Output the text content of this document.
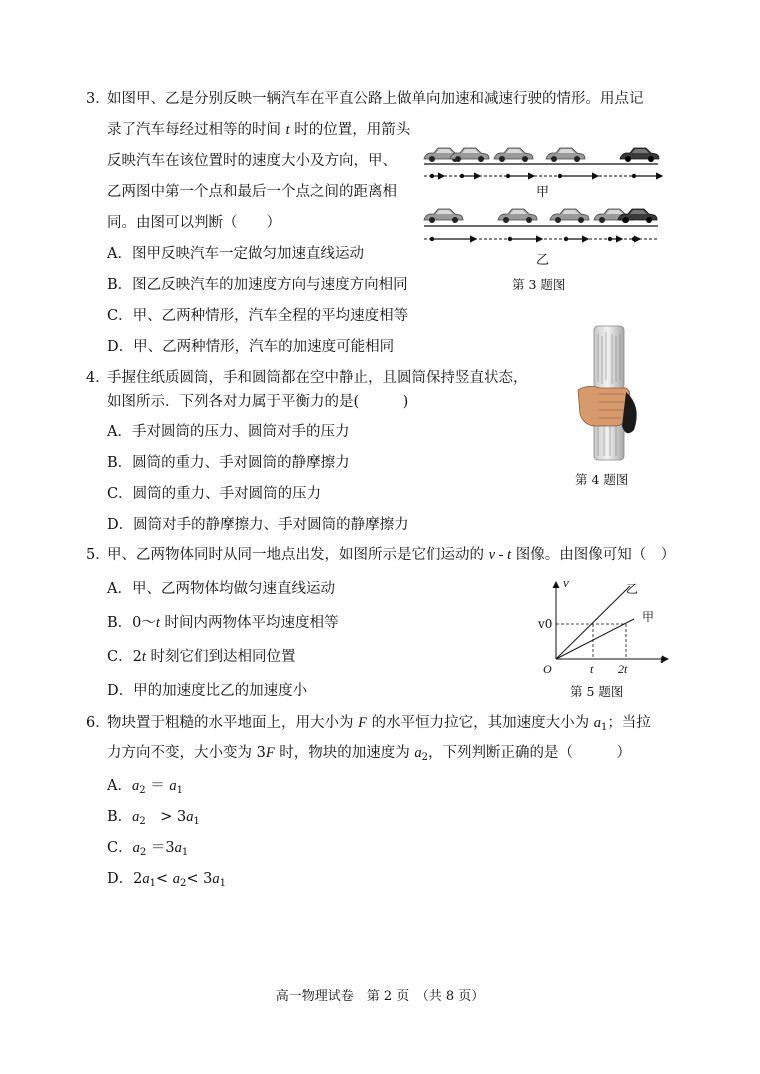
3．
如图甲、乙是分别反映一辆汽车在平直公路上做单向加速和减速行驶的情形。用点记
录了汽车每经过相等的时间 t 时的位置，用箭头
反映汽车在该位置时的速度大小及方向，甲、
乙两图中第一个点和最后一个点之间的距离相
同。由图可以判断（　　）
A．图甲反映汽车一定做匀加速直线运动
B．图乙反映汽车的加速度方向与速度方向相同
C．甲、乙两种情形，汽车全程的平均速度相等
D．甲、乙两种情形，汽车的加速度可能相同
甲
乙
第 3 题图
4．
手握住纸质圆筒，手和圆筒都在空中静止，且圆筒保持竖直状态，
如图所示．下列各对力属于平衡力的是(　　　)
A．手对圆筒的压力、圆筒对手的压力
B．圆筒的重力、手对圆筒的静摩擦力
C．圆筒的重力、手对圆筒的压力
D．圆筒对手的静摩擦力、手对圆筒的静摩擦力
第 4 题图
5．
甲、乙两物体同时从同一地点出发，如图所示是它们运动的 v - t 图像。由图像可知（　）
A．甲、乙两物体均做匀速直线运动
B．0～t 时间内两物体平均速度相等
C．2t 时刻它们到达相同位置
D．甲的加速度比乙的加速度小
v
t
v0
O	t 2t
乙
甲
第 5 题图
6．
物块置于粗糙的水平地面上，用大小为 F 的水平恒力拉它，其加速度大小为 $a_1$；当拉
力方向不变，大小变为 3F 时，物块的加速度为 $a_2$，下列判断正确的是（　　　）
A．$a_2 = a_1$
B．$a_2$　> $3a_1$
C．$a_2 =3a_1$
D．$2a_1< a_2< 3a_1$
高一物理试卷　第 2 页　（共 8 页）
